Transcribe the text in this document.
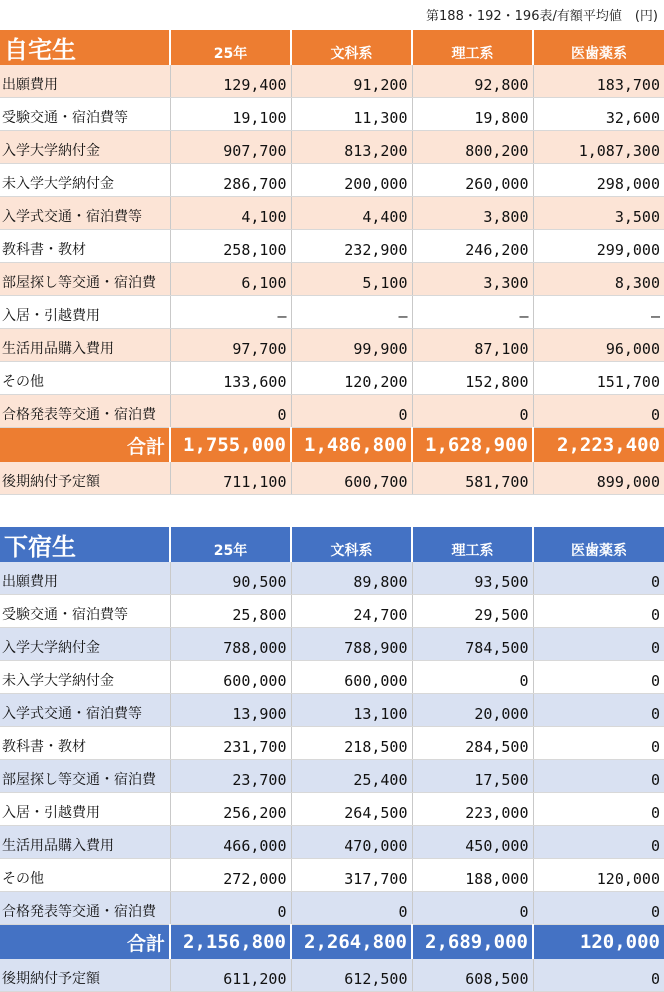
第188・192・196表/有額平均値　(円)
自宅生	25年	文科系	理工系	医歯薬系
出願費用	129,400	91,200	92,800	183,700
受験交通・宿泊費等	19,100	11,300	19,800	32,600
入学大学納付金	907,700	813,200	800,200	1,087,300
未入学大学納付金	286,700	200,000	260,000	298,000
入学式交通・宿泊費等	4,100	4,400	3,800	3,500
教科書・教材	258,100	232,900	246,200	299,000
部屋探し等交通・宿泊費	6,100	5,100	3,300	8,300
入居・引越費用	—	—	—	—
生活用品購入費用	97,700	99,900	87,100	96,000
その他	133,600	120,200	152,800	151,700
合格発表等交通・宿泊費	0	0	0	0
合計	1,755,000	1,486,800	1,628,900	2,223,400
後期納付予定額	711,100	600,700	581,700	899,000
下宿生	25年	文科系	理工系	医歯薬系
出願費用	90,500	89,800	93,500	0
受験交通・宿泊費等	25,800	24,700	29,500	0
入学大学納付金	788,000	788,900	784,500	0
未入学大学納付金	600,000	600,000	0	0
入学式交通・宿泊費等	13,900	13,100	20,000	0
教科書・教材	231,700	218,500	284,500	0
部屋探し等交通・宿泊費	23,700	25,400	17,500	0
入居・引越費用	256,200	264,500	223,000	0
生活用品購入費用	466,000	470,000	450,000	0
その他	272,000	317,700	188,000	120,000
合格発表等交通・宿泊費	0	0	0	0
合計	2,156,800	2,264,800	2,689,000	120,000
後期納付予定額	611,200	612,500	608,500	0
